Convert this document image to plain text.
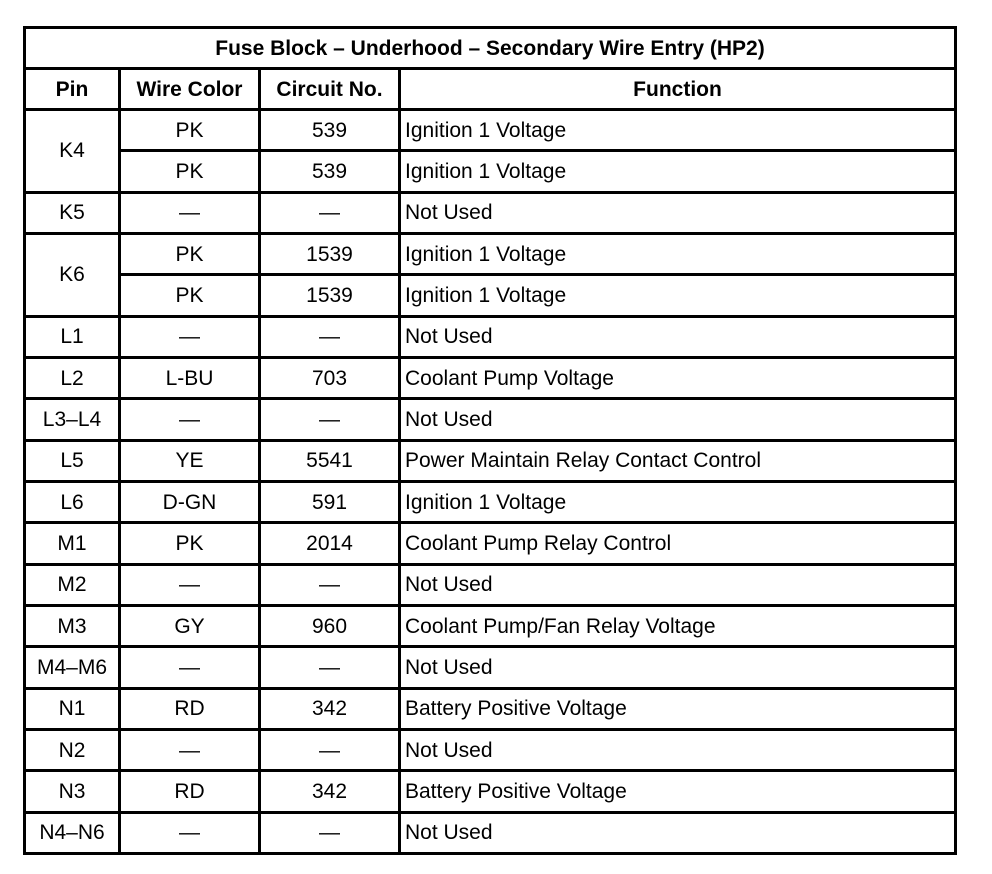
Fuse Block – Underhood – Secondary Wire Entry (HP2)			
Pin	Wire Color	Circuit No.	Function
K4	PK	539	Ignition 1 Voltage
	PK	539	Ignition 1 Voltage
K5	—	—	Not Used
K6	PK	1539	Ignition 1 Voltage
	PK	1539	Ignition 1 Voltage
L1	—	—	Not Used
L2	L-BU	703	Coolant Pump Voltage
L3–L4	—	—	Not Used
L5	YE	5541	Power Maintain Relay Contact Control
L6	D-GN	591	Ignition 1 Voltage
M1	PK	2014	Coolant Pump Relay Control
M2	—	—	Not Used
M3	GY	960	Coolant Pump/Fan Relay Voltage
M4–M6	—	—	Not Used
N1	RD	342	Battery Positive Voltage
N2	—	—	Not Used
N3	RD	342	Battery Positive Voltage
N4–N6	—	—	Not Used
